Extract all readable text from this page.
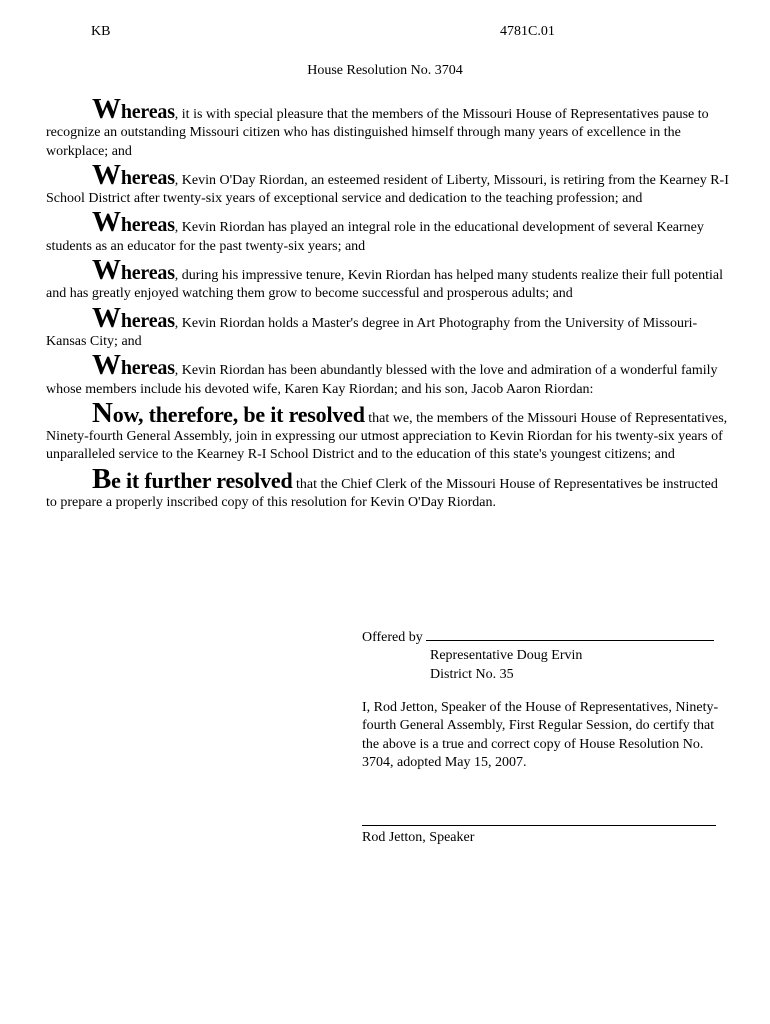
KB	4781C.01
House Resolution No. 3704

Whereas, it is with special pleasure that the members of the Missouri House of Representatives pause to recognize an outstanding Missouri citizen who has distinguished himself through many years of excellence in the workplace; and

Whereas, Kevin O'Day Riordan, an esteemed resident of Liberty, Missouri, is retiring from the Kearney R-I School District after twenty-six years of exceptional service and dedication to the teaching profession; and

Whereas, Kevin Riordan has played an integral role in the educational development of several Kearney students as an educator for the past twenty-six years; and

Whereas, during his impressive tenure, Kevin Riordan has helped many students realize their full potential and has greatly enjoyed watching them grow to become successful and prosperous adults; and

Whereas, Kevin Riordan holds a Master's degree in Art Photography from the University of Missouri-Kansas City; and

Whereas, Kevin Riordan has been abundantly blessed with the love and admiration of a wonderful family whose members include his devoted wife, Karen Kay Riordan; and his son, Jacob Aaron Riordan:

Now, therefore, be it resolved that we, the members of the Missouri House of Representatives, Ninety-fourth General Assembly, join in expressing our utmost appreciation to Kevin Riordan for his twenty-six years of unparalleled service to the Kearney R-I School District and to the education of this state's youngest citizens; and

Be it further resolved that the Chief Clerk of the Missouri House of Representatives be instructed to prepare a properly inscribed copy of this resolution for Kevin O'Day Riordan.

Offered by
Representative Doug Ervin
District No. 35
I, Rod Jetton, Speaker of the House of Representatives, Ninety-fourth General Assembly, First Regular Session, do certify that the above is a true and correct copy of House Resolution No. 3704, adopted May 15, 2007.
Rod Jetton, Speaker
